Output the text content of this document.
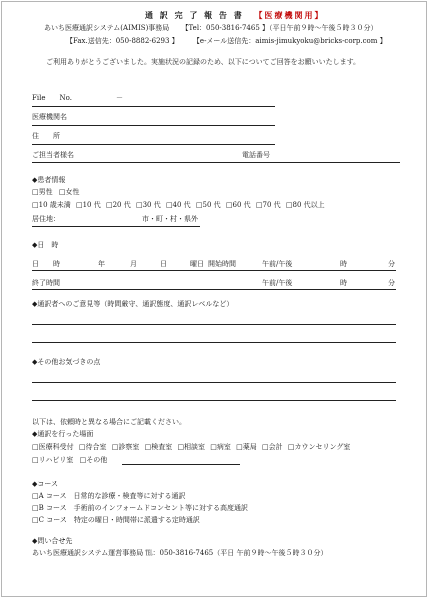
通 訳 完 了 報 告 書 【医療機関用】
あいち医療通訳システム(AIMIS)事務局 【Tel：050-3816-7465 】（平日午前９時～午後５時３０分）
【Fax.送信先：050-8882-6293 】 【e-メール送信先：aimis-jimukyoku@bricks-corp.com 】
ご利用ありがとうございました。実施状況の記録のため、以下についてご回答をお願いいたします。
File　　No.	－
医療機関名
住　　所
ご担当者様名	電話番号
◆患者情報
□男性 □女性
□10 歳未満 □10 代 □20 代 □30 代 □40 代 □50 代 □60 代 □70 代 □80 代以上
居住地：	市・町・村・県外
◆日　時
日　　時	年	月	日	曜日 開始時間	午前/午後	時	分
終了時間	午前/午後	時	分
◆通訳者へのご意見等（時間厳守、通訳態度、通訳レベルなど）
◆その他お気づきの点
以下は、依頼時と異なる場合にご記載ください。
◆通訳を行った場面
□医療科受付 □待合室 □診察室 □検査室 □相談室 □病室 □薬局 □会計 □カウンセリング室
□リハビリ室 □その他
◆コース
□A コース　日常的な診療・検査等に対する通訳
□B コース　手術前のインフォームドコンセント等に対する高度通訳
□C コース　特定の曜日・時間帯に派遣する定時通訳
◆問い合せ先
あいち医療通訳システム運営事務局 ℡：050-3816-7465（平日 午前９時～午後５時３０分）
